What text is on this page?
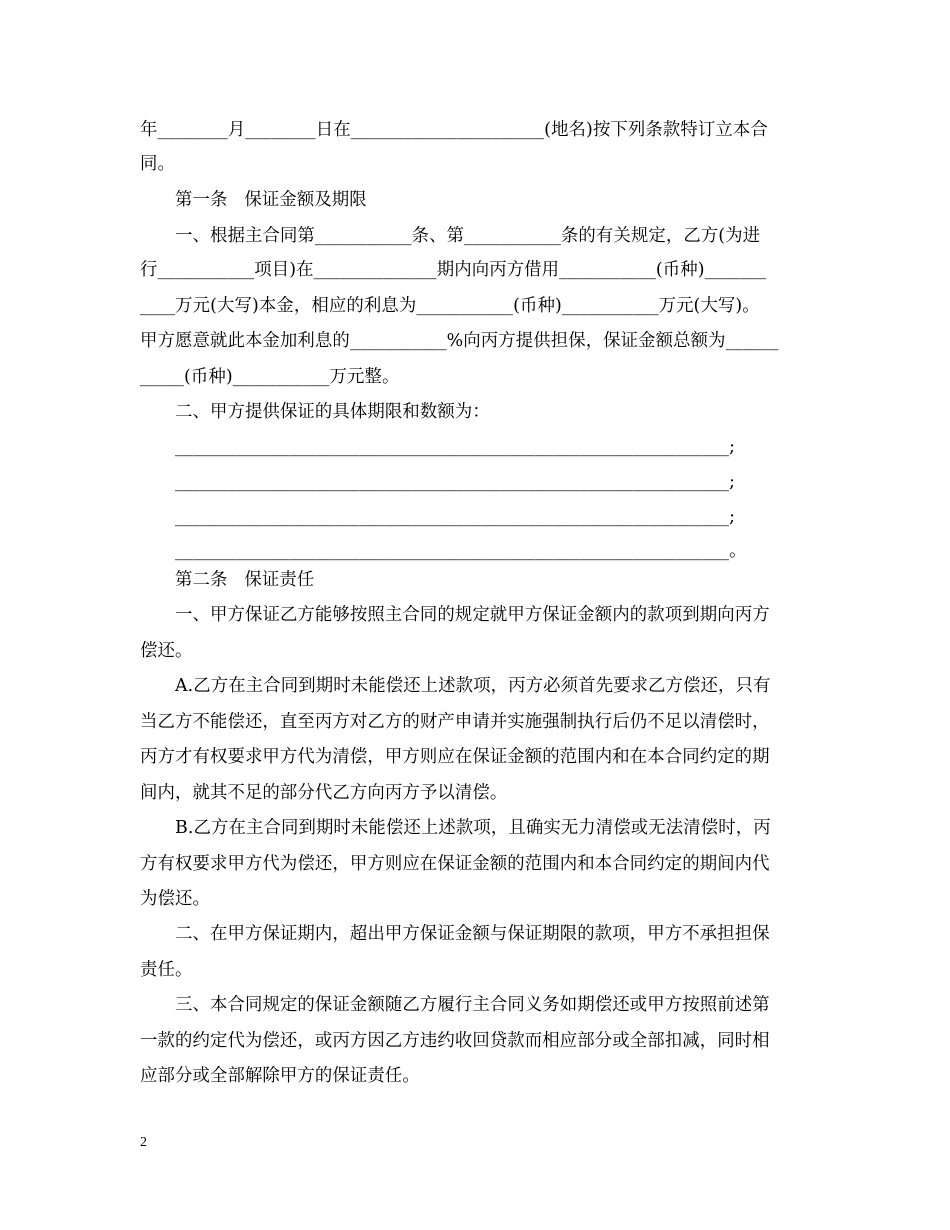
年________月________日在______________________(地名)按下列条款特订立本合
同。
第一条   保证金额及期限
一、根据主合同第___________条、第___________条的有关规定，乙方(为进
行___________项目)在______________期内向丙方借用___________(币种)_______
____万元(大写)本金，相应的利息为___________(币种)___________万元(大写)。
甲方愿意就此本金加利息的___________%向丙方提供担保，保证金额总额为______
_____(币种)___________万元整。
二、甲方提供保证的具体期限和数额为：
_______________________________________________________________;
_______________________________________________________________;
_______________________________________________________________;
_______________________________________________________________。
第二条   保证责任
一、甲方保证乙方能够按照主合同的规定就甲方保证金额内的款项到期向丙方
偿还。
A.乙方在主合同到期时未能偿还上述款项，丙方必须首先要求乙方偿还，只有
当乙方不能偿还，直至丙方对乙方的财产申请并实施强制执行后仍不足以清偿时，
丙方才有权要求甲方代为清偿，甲方则应在保证金额的范围内和在本合同约定的期
间内，就其不足的部分代乙方向丙方予以清偿。
B.乙方在主合同到期时未能偿还上述款项，且确实无力清偿或无法清偿时，丙
方有权要求甲方代为偿还，甲方则应在保证金额的范围内和本合同约定的期间内代
为偿还。
二、在甲方保证期内，超出甲方保证金额与保证期限的款项，甲方不承担担保
责任。
三、本合同规定的保证金额随乙方履行主合同义务如期偿还或甲方按照前述第
一款的约定代为偿还，或丙方因乙方违约收回贷款而相应部分或全部扣减，同时相
应部分或全部解除甲方的保证责任。
2
